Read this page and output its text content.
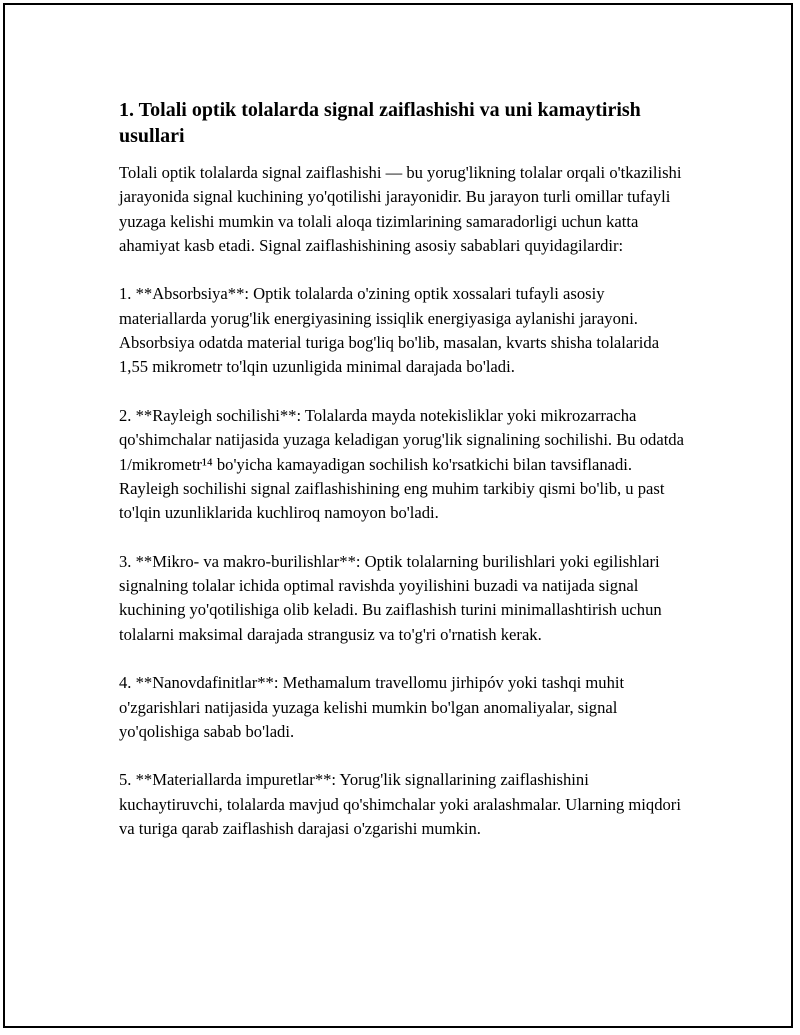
1. Tolali optik tolalarda signal zaiflashishi va uni kamaytirish usullari

Tolali optik tolalarda signal zaiflashishi — bu yorug'likning tolalar orqali o'tkazilishi jarayonida signal kuchining yo'qotilishi jarayonidir. Bu jarayon turli omillar tufayli yuzaga kelishi mumkin va tolali aloqa tizimlarining samaradorligi uchun katta ahamiyat kasb etadi. Signal zaiflashishining asosiy sabablari quyidagilardir:

1. **Absorbsiya**: Optik tolalarda o'zining optik xossalari tufayli asosiy materiallarda yorug'lik energiyasining issiqlik energiyasiga aylanishi jarayoni. Absorbsiya odatda material turiga bog'liq bo'lib, masalan, kvarts shisha tolalarida 1,55 mikrometr to'lqin uzunligida minimal darajada bo'ladi.

2. **Rayleigh sochilishi**: Tolalarda mayda notekisliklar yoki mikrozarracha qo'shimchalar natijasida yuzaga keladigan yorug'lik signalining sochilishi. Bu odatda 1/mikrometr¹⁴ bo'yicha kamayadigan sochilish ko'rsatkichi bilan tavsiflanadi. Rayleigh sochilishi signal zaiflashishining eng muhim tarkibiy qismi bo'lib, u past to'lqin uzunliklarida kuchliroq namoyon bo'ladi.

3. **Mikro- va makro-burilishlar**: Optik tolalarning burilishlari yoki egilishlari signalning tolalar ichida optimal ravishda yoyilishini buzadi va natijada signal kuchining yo'qotilishiga olib keladi. Bu zaiflashish turini minimallashtirish uchun tolalarni maksimal darajada strangusiz va to'g'ri o'rnatish kerak.

4. **Nanovdafinitlar**: Methamalum travellomu jirhipóv yoki tashqi muhit o'zgarishlari natijasida yuzaga kelishi mumkin bo'lgan anomaliyalar, signal yo'qolishiga sabab bo'ladi.

5. **Materiallarda impuretlar**: Yorug'lik signallarining zaiflashishini kuchaytiruvchi, tolalarda mavjud qo'shimchalar yoki aralashmalar. Ularning miqdori va turiga qarab zaiflashish darajasi o'zgarishi mumkin.
